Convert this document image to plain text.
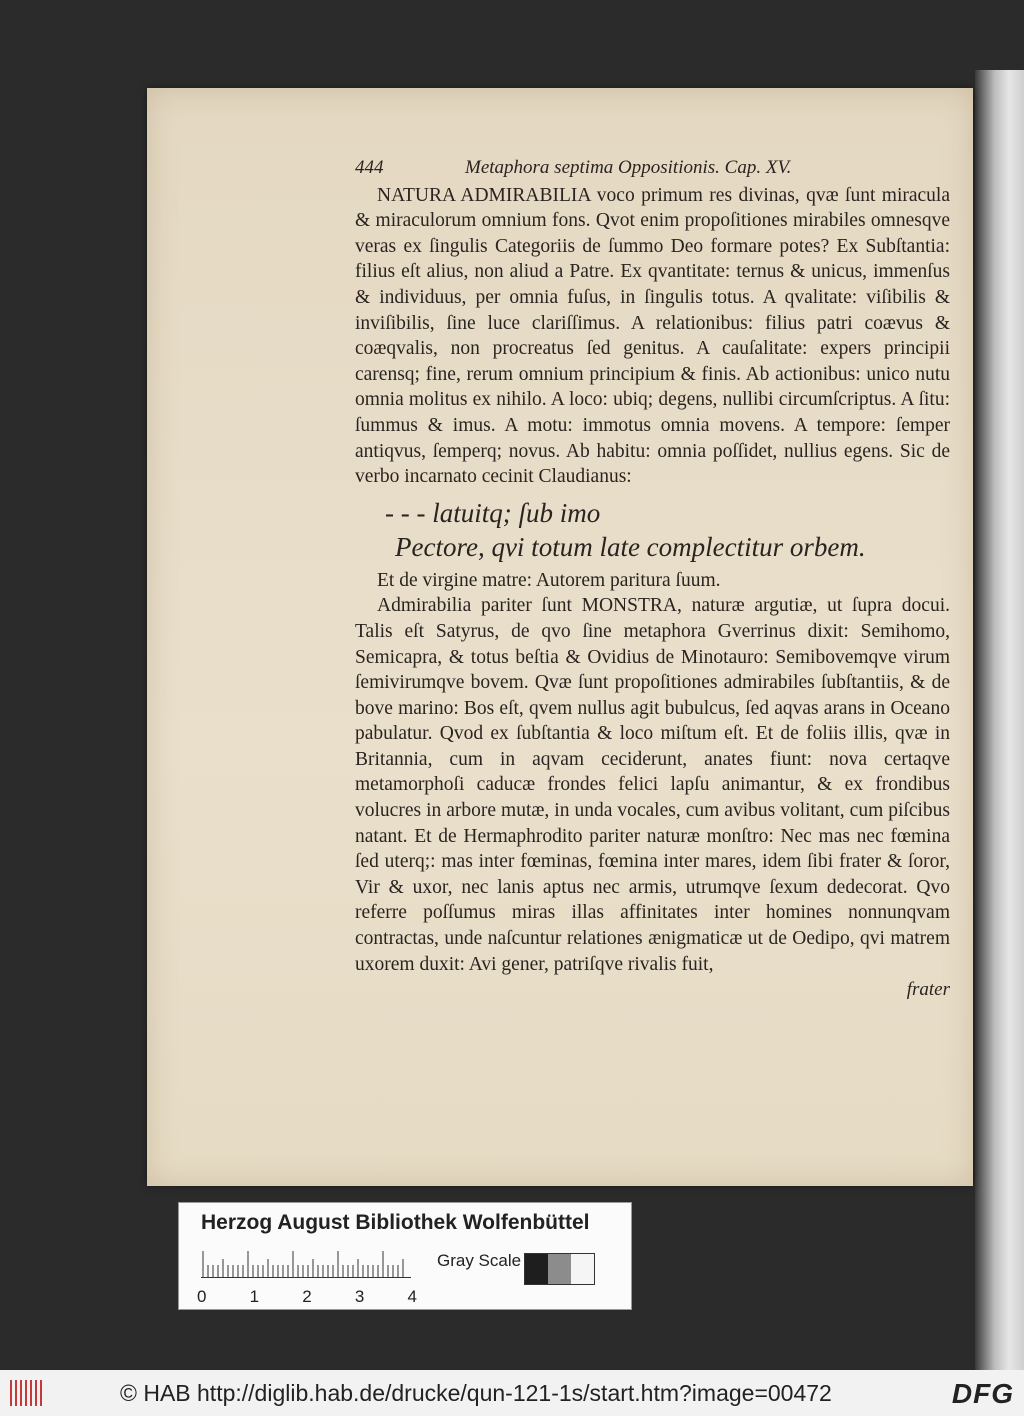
444	Metaphora septima Oppositionis. Cap. XV.

NATURA ADMIRABILIA voco primum res divinas, qvæ ſunt miracula & miraculorum omnium fons. Qvot enim propoſitiones mirabiles omnesqve veras ex ſingulis Categoriis de ſummo Deo formare potes? Ex Subſtantia: filius eſt alius, non aliud a Patre. Ex qvantitate: ternus & unicus, immenſus & individuus, per omnia fuſus, in ſingulis totus. A qvalitate: viſibilis & inviſibilis, ſine luce clariſſimus. A relationibus: filius patri coævus & coæqvalis, non procreatus ſed genitus. A cauſalitate: expers principii carensq; fine, rerum omnium principium & finis. Ab actionibus: unico nutu omnia molitus ex nihilo. A loco: ubiq; degens, nullibi circumſcriptus. A ſitu: ſummus & imus. A motu: immotus omnia movens. A tempore: ſemper antiqvus, ſemperq; novus. Ab habitu: omnia poſſidet, nullius egens. Sic de verbo incarnato cecinit Claudianus:

- - - latuitq; ſub imo
Pectore, qvi totum late complectitur orbem.

Et de virgine matre: Autorem paritura ſuum.

Admirabilia pariter ſunt MONSTRA, naturæ argutiæ, ut ſupra docui. Talis eſt Satyrus, de qvo ſine metaphora Gverrinus dixit: Semihomo, Semicapra, & totus beſtia & Ovidius de Minotauro: Semibovemqve virum ſemivirumqve bovem. Qvæ ſunt propoſitiones admirabiles ſubſtantiis, & de bove marino: Bos eſt, qvem nullus agit bubulcus, ſed aqvas arans in Oceano pabulatur. Qvod ex ſubſtantia & loco miſtum eſt. Et de foliis illis, qvæ in Britannia, cum in aqvam ceciderunt, anates fiunt: nova certaqve metamorphoſi caducæ frondes felici lapſu animantur, & ex frondibus volucres in arbore mutæ, in unda vocales, cum avibus volitant, cum piſcibus natant. Et de Hermaphrodito pariter naturæ monſtro: Nec mas nec fœmina ſed uterq;: mas inter fœminas, fœmina inter mares, idem ſibi frater & ſoror, Vir & uxor, nec lanis aptus nec armis, utrumqve ſexum dedecorat. Qvo referre poſſumus miras illas affinitates inter homines nonnunqvam contractas, unde naſcuntur relationes ænigmaticæ ut de Oedipo, qvi matrem uxorem duxit: Avi gener, patriſqve rivalis fuit,

frater
Herzog August Bibliothek Wolfenbüttel
Gray Scale
0	1	2	3	4
© HAB http://diglib.hab.de/drucke/qun-121-1s/start.htm?image=00472	DFG
